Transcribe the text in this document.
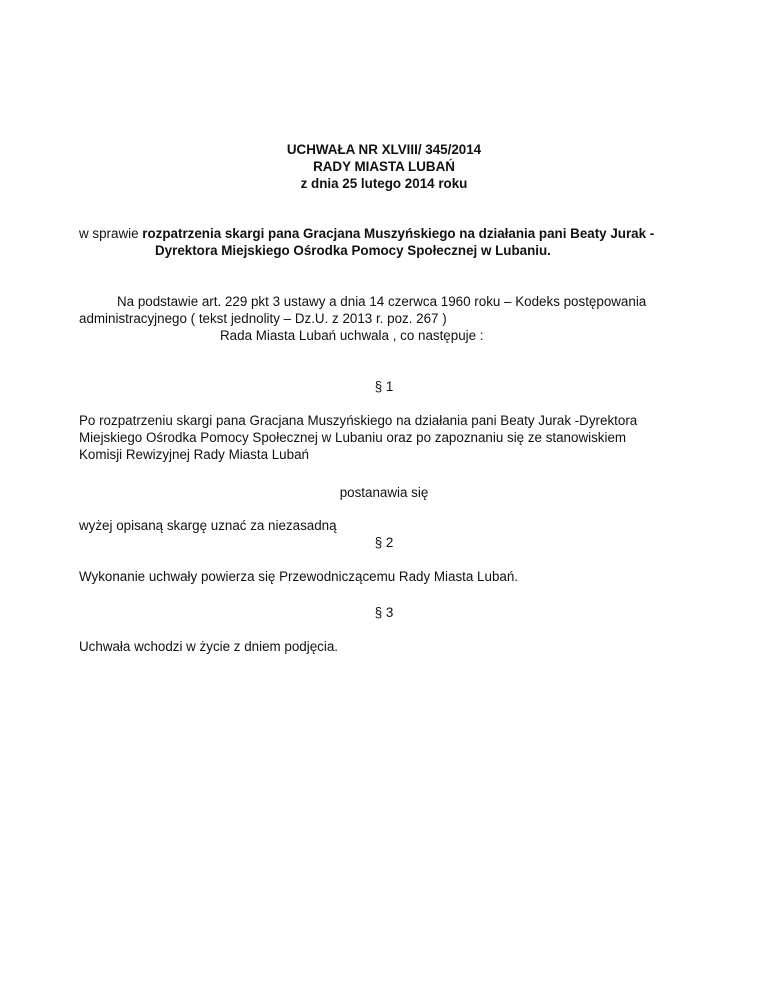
UCHWAŁA NR XLVIII/ 345/2014
RADY MIASTA LUBAŃ
z dnia 25 lutego 2014 roku
w sprawie rozpatrzenia skargi pana Gracjana Muszyńskiego na działania pani Beaty Jurak -
Dyrektora Miejskiego Ośrodka Pomocy Społecznej w Lubaniu.
Na podstawie art. 229 pkt 3 ustawy a dnia 14 czerwca 1960 roku – Kodeks postępowania
administracyjnego ( tekst jednolity – Dz.U. z 2013 r. poz. 267 )
Rada Miasta Lubań uchwala , co następuje :
§ 1
Po rozpatrzeniu skargi pana Gracjana Muszyńskiego na działania pani Beaty Jurak -Dyrektora
Miejskiego Ośrodka Pomocy Społecznej w Lubaniu oraz po zapoznaniu się ze stanowiskiem
Komisji Rewizyjnej Rady Miasta Lubań
postanawia się
wyżej opisaną skargę uznać za niezasadną
§ 2
Wykonanie uchwały powierza się Przewodniczącemu Rady Miasta Lubań.
§ 3
Uchwała wchodzi w życie z dniem podjęcia.
